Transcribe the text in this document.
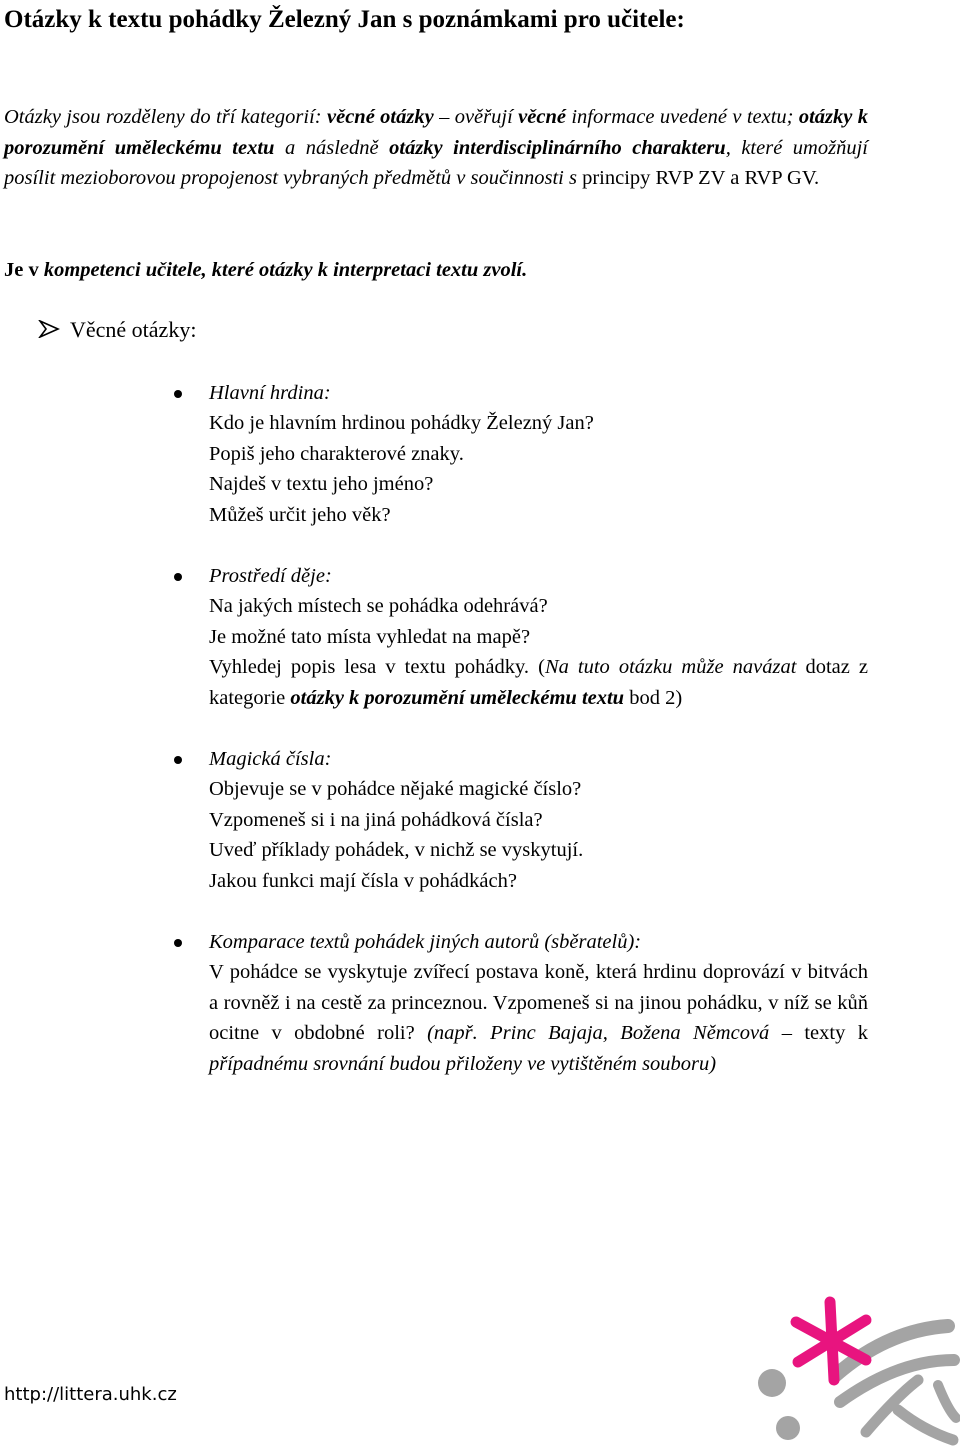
Otázky k textu pohádky Železný Jan s poznámkami pro učitele:

Otázky jsou rozděleny do tří kategorií: věcné otázky – ověřují věcné informace uvedené v textu; otázky k porozumění uměleckému textu a následně otázky interdisciplinárního charakteru, které umožňují posílit mezioborovou propojenost vybraných předmětů v součinnosti s principy RVP ZV a RVP GV.

Je v kompetenci učitele, které otázky k interpretaci textu zvolí.

Věcné otázky:

Hlavní hrdina:

Kdo je hlavním hrdinou pohádky Železný Jan?

Popiš jeho charakterové znaky.

Najdeš v textu jeho jméno?

Můžeš určit jeho věk?

Prostředí děje:

Na jakých místech se pohádka odehrává?

Je možné tato místa vyhledat na mapě?

Vyhledej popis lesa v textu pohádky. (Na tuto otázku může navázat dotaz z kategorie otázky k porozumění uměleckému textu bod 2)

Magická čísla:

Objevuje se v pohádce nějaké magické číslo?

Vzpomeneš si i na jiná pohádková čísla?

Uveď příklady pohádek, v nichž se vyskytují.

Jakou funkci mají čísla v pohádkách?

Komparace textů pohádek jiných autorů (sběratelů):

V pohádce se vyskytuje zvířecí postava koně, která hrdinu doprovází v bitvách a rovněž i na cestě za princeznou. Vzpomeneš si na jinou pohádku, v níž se kůň ocitne v obdobné roli? (např. Princ Bajaja, Božena Němcová – texty k případnému srovnání budou přiloženy ve vytištěném souboru)

http://littera.uhk.cz
